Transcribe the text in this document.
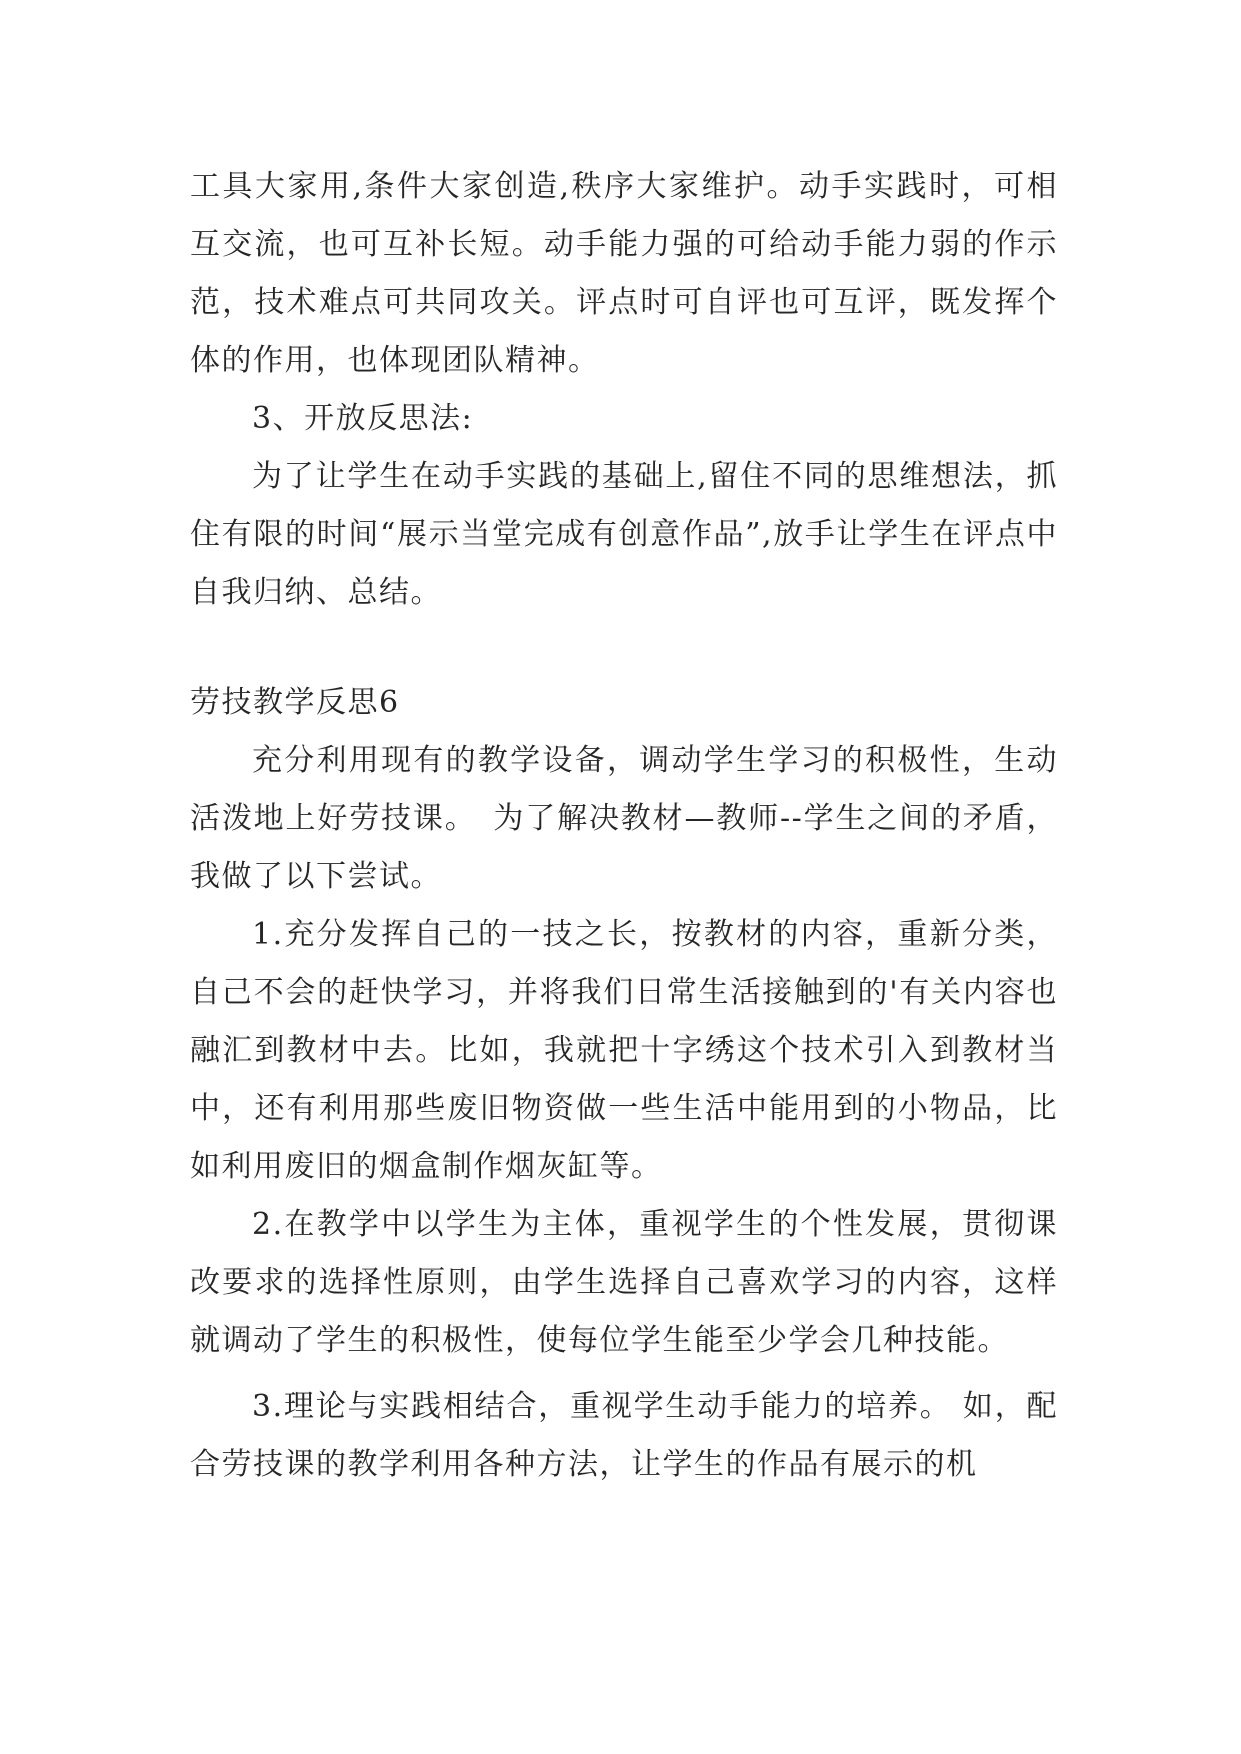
工具大家用,条件大家创造,秩序大家维护。动手实践时，可相互交流，也可互补长短。动手能力强的可给动手能力弱的作示范，技术难点可共同攻关。评点时可自评也可互评，既发挥个体的作用，也体现团队精神。

3、开放反思法:

为了让学生在动手实践的基础上,留住不同的思维想法，抓住有限的时间“展示当堂完成有创意作品”,放手让学生在评点中自我归纳、总结。

劳技教学反思6

充分利用现有的教学设备，调动学生学习的积极性，生动活泼地上好劳技课。　为了解决教材—教师--学生之间的矛盾，我做了以下尝试。

1.充分发挥自己的一技之长，按教材的内容，重新分类，自己不会的赶快学习，并将我们日常生活接触到的'有关内容也融汇到教材中去。比如，我就把十字绣这个技术引入到教材当中，还有利用那些废旧物资做一些生活中能用到的小物品，比如利用废旧的烟盒制作烟灰缸等。

2.在教学中以学生为主体，重视学生的个性发展，贯彻课改要求的选择性原则，由学生选择自己喜欢学习的内容，这样就调动了学生的积极性，使每位学生能至少学会几种技能。

3.理论与实践相结合，重视学生动手能力的培养。 如，配合劳技课的教学利用各种方法，让学生的作品有展示的机
